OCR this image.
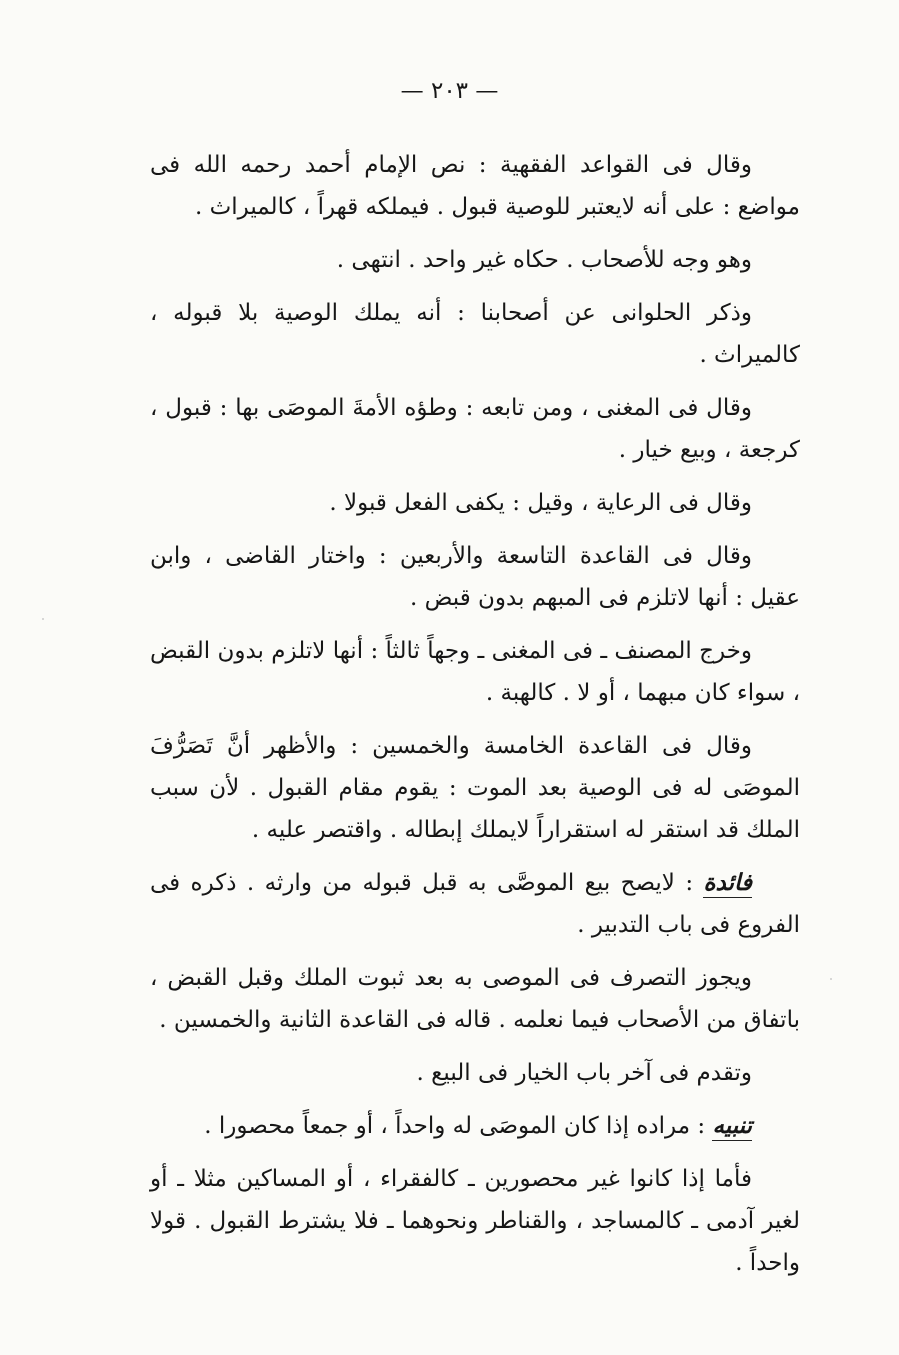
— ٢٠٣ —

وقال فى القواعد الفقهية : نص الإمام أحمد رحمه الله فى مواضع : على أنه لايعتبر للوصية قبول . فيملكه قهراً ، كالميراث .

وهو وجه للأصحاب . حكاه غير واحد . انتهى .

وذكر الحلوانى عن أصحابنا : أنه يملك الوصية بلا قبوله ، كالميراث .

وقال فى المغنى ، ومن تابعه : وطؤه الأمةَ الموصَى بها : قبول ، كرجعة ، وبيع خيار .

وقال فى الرعاية ، وقيل : يكفى الفعل قبولا .

وقال فى القاعدة التاسعة والأربعين : واختار القاضى ، وابن عقيل : أنها لاتلزم فى المبهم بدون قبض .

وخرج المصنف ـ فى المغنى ـ وجهاً ثالثاً : أنها لاتلزم بدون القبض ، سواء كان مبهما ، أو لا . كالهبة .

وقال فى القاعدة الخامسة والخمسين : والأظهر أنَّ تَصَرُّفَ الموصَى له فى الوصية بعد الموت : يقوم مقام القبول . لأن سبب الملك قد استقر له استقراراً لايملك إبطاله . واقتصر عليه .

فائدة : لايصح بيع الموصَّى به قبل قبوله من وارثه . ذكره فى الفروع فى باب التدبير .

ويجوز التصرف فى الموصى به بعد ثبوت الملك وقبل القبض ، باتفاق من الأصحاب فيما نعلمه . قاله فى القاعدة الثانية والخمسين .

وتقدم فى آخر باب الخيار فى البيع .

تنبيه : مراده إذا كان الموصَى له واحداً ، أو جمعاً محصورا .

فأما إذا كانوا غير محصورين ـ كالفقراء ، أو المساكين مثلا ـ أو لغير آدمى ـ كالمساجد ، والقناطر ونحوهما ـ فلا يشترط القبول . قولا واحداً .
